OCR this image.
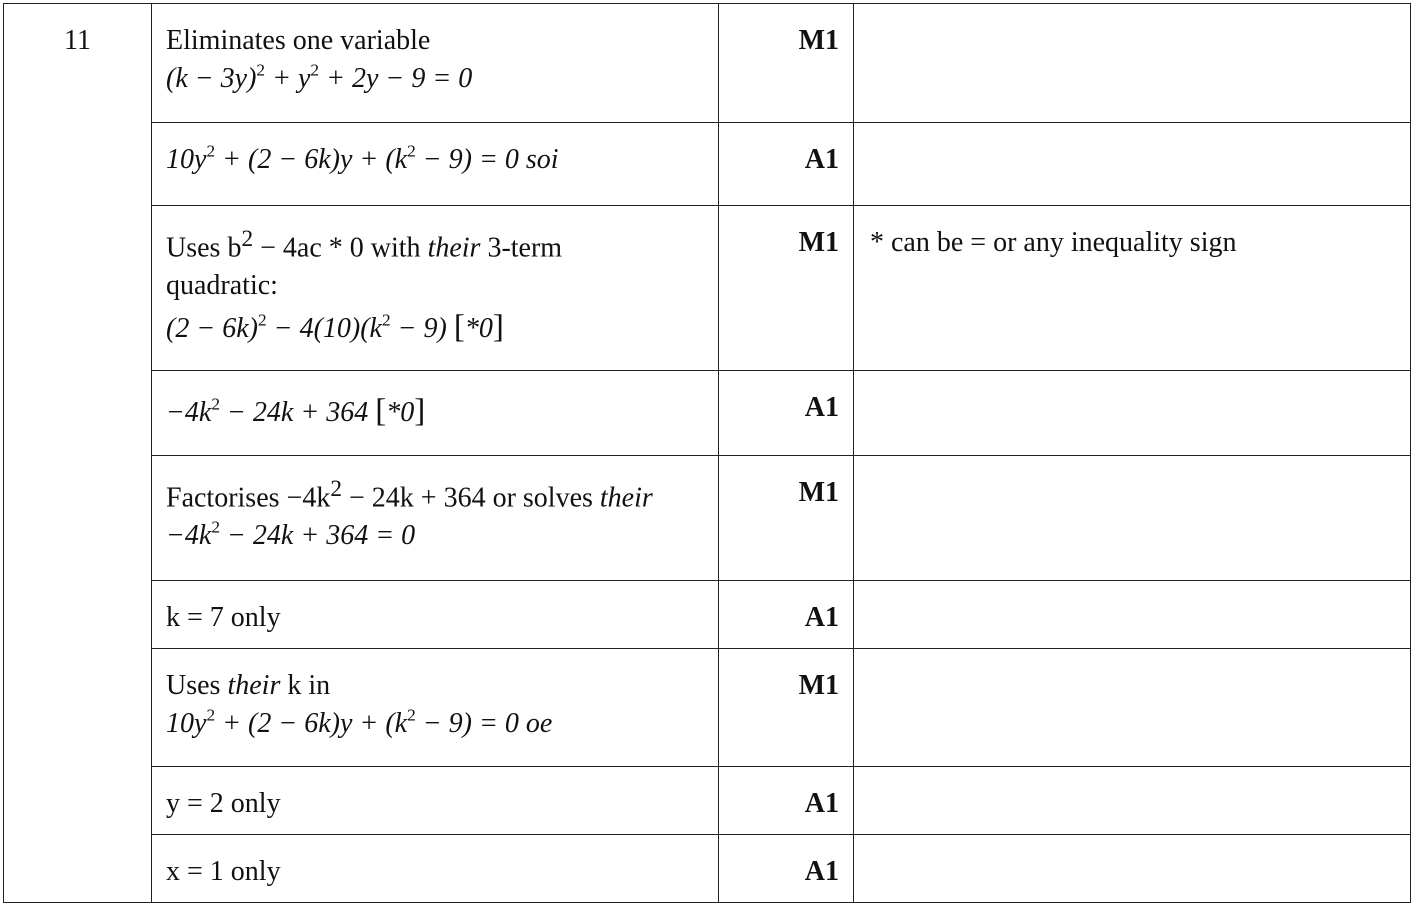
11	Eliminates one variable
$(k - 3y)^2 + y^2 + 2y - 9 = 0$	M1	

	$10y^2 + (2 - 6k)y + (k^2 - 9) = 0$ soi	A1	

	Uses $b^2 - 4ac * 0$ with their 3-term
quadratic:
$(2 - 6k)^2 - 4(10)(k^2 - 9)$ [*0]	M1	* can be = or any inequality sign

	$-4k^2 - 24k + 364$ [*0]	A1	

	Factorises $-4k^2 - 24k + 364$ or solves their
$-4k^2 - 24k + 364 = 0$	M1	

	k = 7 only	A1	

	Uses their k in
$10y^2 + (2 - 6k)y + (k^2 - 9) = 0$ oe	M1	

	y = 2 only	A1	

	x = 1 only	A1	
